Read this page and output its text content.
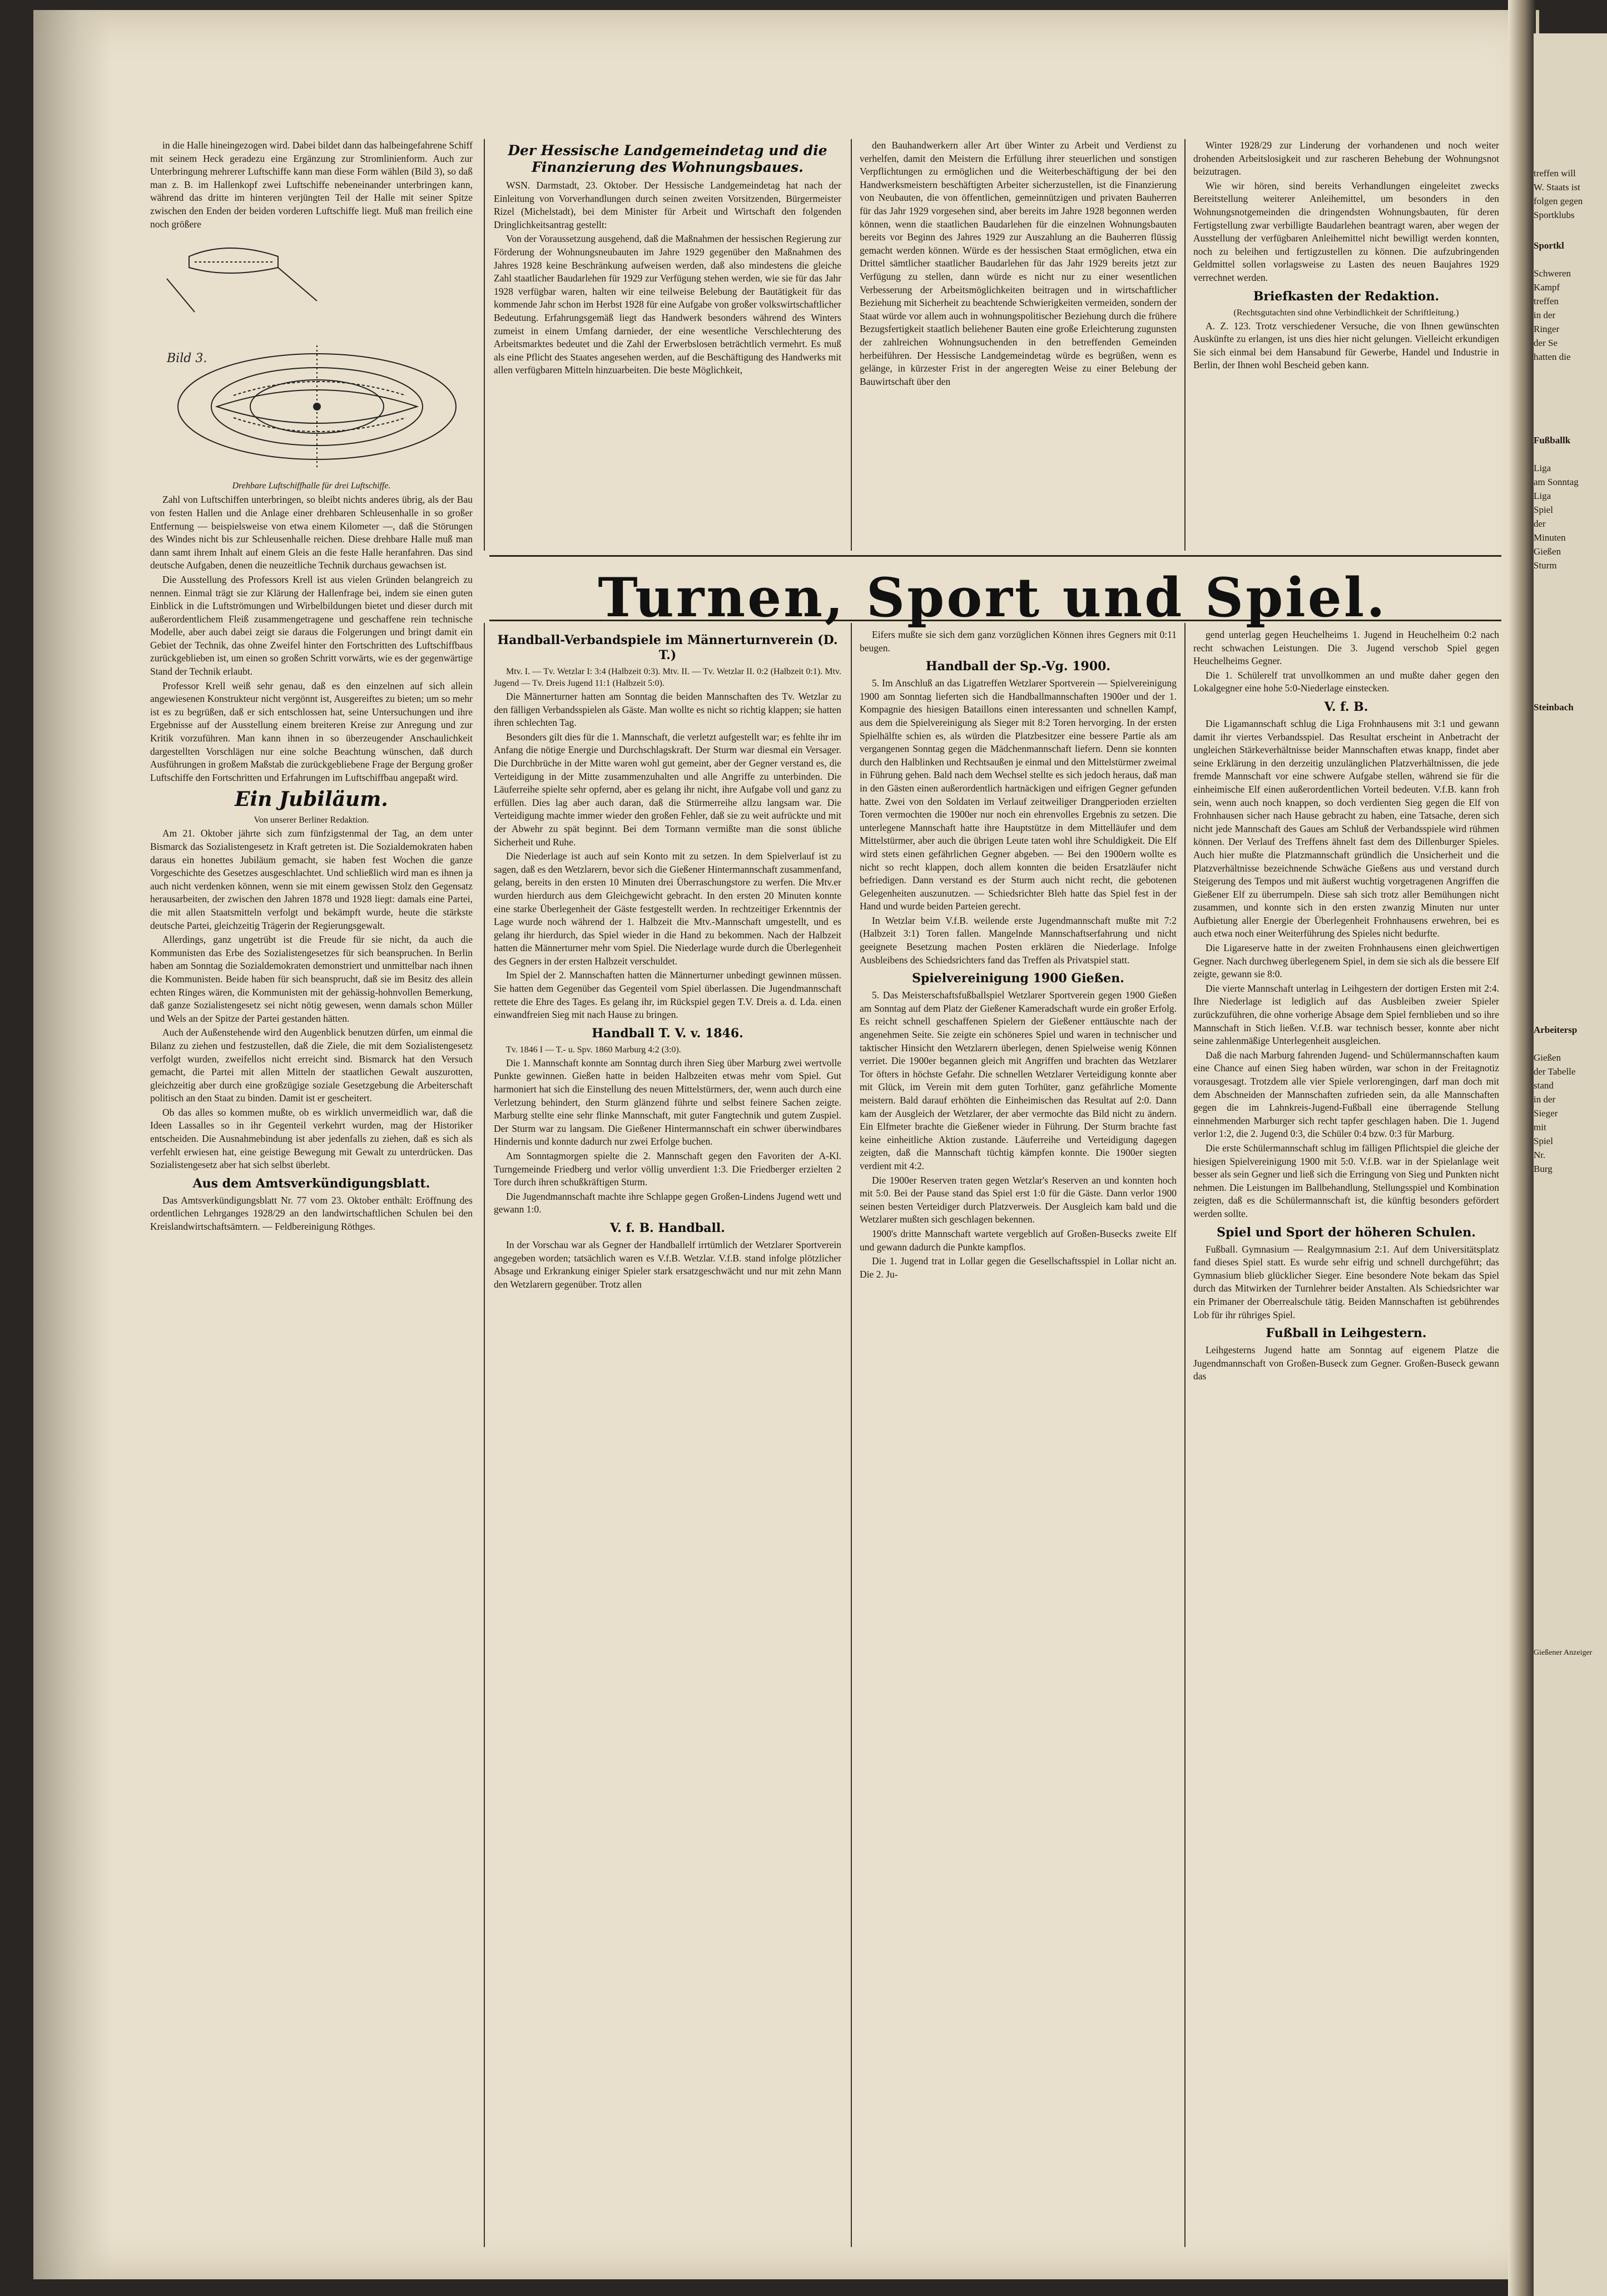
Turnen, Sport und Spiel.

in die Halle hineingezogen wird. Dabei bildet dann das halbeingefahrene Schiff mit seinem Heck geradezu eine Ergänzung zur Stromlinienform. Auch zur Unterbringung mehrerer Luftschiffe kann man diese Form wählen (Bild 3), so daß man z. B. im Hallenkopf zwei Luftschiffe nebeneinander unterbringen kann, während das dritte im hinteren verjüngten Teil der Halle mit seiner Spitze zwischen den Enden der beiden vorderen Luftschiffe liegt. Muß man freilich eine noch größere

Bild 3.

Drehbare Luftschiffhalle für drei Luftschiffe.

Zahl von Luftschiffen unterbringen, so bleibt nichts anderes übrig, als der Bau von festen Hallen und die Anlage einer drehbaren Schleusenhalle in so großer Entfernung — beispielsweise von etwa einem Kilometer —, daß die Störungen des Windes nicht bis zur Schleusenhalle reichen. Diese drehbare Halle muß man dann samt ihrem Inhalt auf einem Gleis an die feste Halle heranfahren. Das sind deutsche Aufgaben, denen die neuzeitliche Technik durchaus gewachsen ist.

Die Ausstellung des Professors Krell ist aus vielen Gründen belangreich zu nennen. Einmal trägt sie zur Klärung der Hallenfrage bei, indem sie einen guten Einblick in die Luftströmungen und Wirbelbildungen bietet und dieser durch mit außerordentlichem Fleiß zusammengetragene und geschaffene rein technische Modelle, aber auch dabei zeigt sie daraus die Folgerungen und bringt damit ein Gebiet der Technik, das ohne Zweifel hinter den Fortschritten des Luftschiffbaus zurückgeblieben ist, um einen so großen Schritt vorwärts, wie es der gegenwärtige Stand der Technik erlaubt.

Professor Krell weiß sehr genau, daß es den einzelnen auf sich allein angewiesenen Konstrukteur nicht vergönnt ist, Ausgereiftes zu bieten; um so mehr ist es zu begrüßen, daß er sich entschlossen hat, seine Untersuchungen und ihre Ergebnisse auf der Ausstellung einem breiteren Kreise zur Anregung und zur Kritik vorzuführen. Man kann ihnen in so überzeugender Anschaulichkeit dargestellten Vorschlägen nur eine solche Beachtung wünschen, daß durch Ausführungen in großem Maßstab die zurückgebliebene Frage der Bergung großer Luftschiffe den Fortschritten und Erfahrungen im Luftschiffbau angepaßt wird.

Ein Jubiläum.

Von unserer Berliner Redaktion.

Am 21. Oktober jährte sich zum fünfzigstenmal der Tag, an dem unter Bismarck das Sozialistengesetz in Kraft getreten ist. Die Sozialdemokraten haben daraus ein honettes Jubiläum gemacht, sie haben fest Wochen die ganze Vorgeschichte des Gesetzes ausgeschlachtet. Und schließlich wird man es ihnen ja auch nicht verdenken können, wenn sie mit einem gewissen Stolz den Gegensatz herausarbeiten, der zwischen den Jahren 1878 und 1928 liegt: damals eine Partei, die mit allen Staatsmitteln verfolgt und bekämpft wurde, heute die stärkste deutsche Partei, gleichzeitig Trägerin der Regierungsgewalt.

Allerdings, ganz ungetrübt ist die Freude für sie nicht, da auch die Kommunisten das Erbe des Sozialistengesetzes für sich beanspruchen. In Berlin haben am Sonntag die Sozialdemokraten demonstriert und unmittelbar nach ihnen die Kommunisten. Beide haben für sich beansprucht, daß sie im Besitz des allein echten Ringes wären, die Kommunisten mit der gehässig-hohnvollen Bemerkung, daß ganze Sozialistengesetz sei nicht nötig gewesen, wenn damals schon Müller und Wels an der Spitze der Partei gestanden hätten.

Auch der Außenstehende wird den Augenblick benutzen dürfen, um einmal die Bilanz zu ziehen und festzustellen, daß die Ziele, die mit dem Sozialistengesetz verfolgt wurden, zweifellos nicht erreicht sind. Bismarck hat den Versuch gemacht, die Partei mit allen Mitteln der staatlichen Gewalt auszurotten, gleichzeitig aber durch eine großzügige soziale Gesetzgebung die Arbeiterschaft politisch an den Staat zu binden. Damit ist er gescheitert.

Ob das alles so kommen mußte, ob es wirklich unvermeidlich war, daß die Ideen Lassalles so in ihr Gegenteil verkehrt wurden, mag der Historiker entscheiden. Die Ausnahmebindung ist aber jedenfalls zu ziehen, daß es sich als verfehlt erwiesen hat, eine geistige Bewegung mit Gewalt zu unterdrücken. Das Sozialistengesetz aber hat sich selbst überlebt.

Aus dem Amtsverkündigungsblatt.

Das Amtsverkündigungsblatt Nr. 77 vom 23. Oktober enthält: Eröffnung des ordentlichen Lehrganges 1928/29 an den landwirtschaftlichen Schulen bei den Kreislandwirtschaftsämtern. — Feldbereinigung Röthges.

Der Hessische Landgemeindetag und die Finanzierung des Wohnungsbaues.

WSN. Darmstadt, 23. Oktober. Der Hessische Landgemeindetag hat nach der Einleitung von Vorverhandlungen durch seinen zweiten Vorsitzenden, Bürgermeister Rizel (Michelstadt), bei dem Minister für Arbeit und Wirtschaft den folgenden Dringlichkeitsantrag gestellt:

Von der Voraussetzung ausgehend, daß die Maßnahmen der hessischen Regierung zur Förderung der Wohnungsneubauten im Jahre 1929 gegenüber den Maßnahmen des Jahres 1928 keine Beschränkung aufweisen werden, daß also mindestens die gleiche Zahl staatlicher Baudarlehen für 1929 zur Verfügung stehen werden, wie sie für das Jahr 1928 verfügbar waren, halten wir eine teilweise Belebung der Bautätigkeit für das kommende Jahr schon im Herbst 1928 für eine Aufgabe von großer volkswirtschaftlicher Bedeutung. Erfahrungsgemäß liegt das Handwerk besonders während des Winters zumeist in einem Umfang darnieder, der eine wesentliche Verschlechterung des Arbeitsmarktes bedeutet und die Zahl der Erwerbslosen beträchtlich vermehrt. Es muß als eine Pflicht des Staates angesehen werden, auf die Beschäftigung des Handwerks mit allen verfügbaren Mitteln hinzuarbeiten. Die beste Möglichkeit,

Handball-Verbandspiele im Männerturnverein (D. T.)

Mtv. I. — Tv. Wetzlar I: 3:4 (Halbzeit 0:3). Mtv. II. — Tv. Wetzlar II. 0:2 (Halbzeit 0:1). Mtv. Jugend — Tv. Dreis Jugend 11:1 (Halbzeit 5:0).

Die Männerturner hatten am Sonntag die beiden Mannschaften des Tv. Wetzlar zu den fälligen Verbandsspielen als Gäste. Man wollte es nicht so richtig klappen; sie hatten ihren schlechten Tag.

Besonders gilt dies für die 1. Mannschaft, die verletzt aufgestellt war; es fehlte ihr im Anfang die nötige Energie und Durchschlagskraft. Der Sturm war diesmal ein Versager. Die Durchbrüche in der Mitte waren wohl gut gemeint, aber der Gegner verstand es, die Verteidigung in der Mitte zusammenzuhalten und alle Angriffe zu unterbinden. Die Läuferreihe spielte sehr opfernd, aber es gelang ihr nicht, ihre Aufgabe voll und ganz zu erfüllen. Dies lag aber auch daran, daß die Stürmerreihe allzu langsam war. Die Verteidigung machte immer wieder den großen Fehler, daß sie zu weit aufrückte und mit der Abwehr zu spät beginnt. Bei dem Tormann vermißte man die sonst übliche Sicherheit und Ruhe.

Die Niederlage ist auch auf sein Konto mit zu setzen. In dem Spielverlauf ist zu sagen, daß es den Wetzlarern, bevor sich die Gießener Hintermannschaft zusammenfand, gelang, bereits in den ersten 10 Minuten drei Überraschungstore zu werfen. Die Mtv.er wurden hierdurch aus dem Gleichgewicht gebracht. In den ersten 20 Minuten konnte eine starke Überlegenheit der Gäste festgestellt werden. In rechtzeitiger Erkenntnis der Lage wurde noch während der 1. Halbzeit die Mtv.-Mannschaft umgestellt, und es gelang ihr hierdurch, das Spiel wieder in die Hand zu bekommen. Nach der Halbzeit hatten die Männerturner mehr vom Spiel. Die Niederlage wurde durch die Überlegenheit des Gegners in der ersten Halbzeit verschuldet.

Im Spiel der 2. Mannschaften hatten die Männerturner unbedingt gewinnen müssen. Sie hatten dem Gegenüber das Gegenteil vom Spiel überlassen. Die Jugendmannschaft rettete die Ehre des Tages. Es gelang ihr, im Rückspiel gegen T.V. Dreis a. d. Lda. einen einwandfreien Sieg mit nach Hause zu bringen.

Handball T. V. v. 1846.

Tv. 1846 I — T.- u. Spv. 1860 Marburg 4:2 (3:0).

Die 1. Mannschaft konnte am Sonntag durch ihren Sieg über Marburg zwei wertvolle Punkte gewinnen. Gießen hatte in beiden Halbzeiten etwas mehr vom Spiel. Gut harmoniert hat sich die Einstellung des neuen Mittelstürmers, der, wenn auch durch eine Verletzung behindert, den Sturm glänzend führte und selbst feinere Sachen zeigte. Marburg stellte eine sehr flinke Mannschaft, mit guter Fangtechnik und gutem Zuspiel. Der Sturm war zu langsam. Die Gießener Hintermannschaft ein schwer überwindbares Hindernis und konnte dadurch nur zwei Erfolge buchen.

Am Sonntagmorgen spielte die 2. Mannschaft gegen den Favoriten der A-Kl. Turngemeinde Friedberg und verlor völlig unverdient 1:3. Die Friedberger erzielten 2 Tore durch ihren schußkräftigen Sturm.

Die Jugendmannschaft machte ihre Schlappe gegen Großen-Lindens Jugend wett und gewann 1:0.

V. f. B. Handball.

In der Vorschau war als Gegner der Handballelf irrtümlich der Wetzlarer Sportverein angegeben worden; tatsächlich waren es V.f.B. Wetzlar. V.f.B. stand infolge plötzlicher Absage und Erkrankung einiger Spieler stark ersatzgeschwächt und nur mit zehn Mann den Wetzlarern gegenüber. Trotz allen

den Bauhandwerkern aller Art über Winter zu Arbeit und Verdienst zu verhelfen, damit den Meistern die Erfüllung ihrer steuerlichen und sonstigen Verpflichtungen zu ermöglichen und die Weiterbeschäftigung der bei den Handwerksmeistern beschäftigten Arbeiter sicherzustellen, ist die Finanzierung von Neubauten, die von öffentlichen, gemeinnützigen und privaten Bauherren für das Jahr 1929 vorgesehen sind, aber bereits im Jahre 1928 begonnen werden können, wenn die staatlichen Baudarlehen für die einzelnen Wohnungsbauten bereits vor Beginn des Jahres 1929 zur Auszahlung an die Bauherren flüssig gemacht werden können. Würde es der hessischen Staat ermöglichen, etwa ein Drittel sämtlicher staatlicher Baudarlehen für das Jahr 1929 bereits jetzt zur Verfügung zu stellen, dann würde es nicht nur zu einer wesentlichen Verbesserung der Arbeitsmöglichkeiten beitragen und in wirtschaftlicher Beziehung mit Sicherheit zu beachtende Schwierigkeiten vermeiden, sondern der Staat würde vor allem auch in wohnungspolitischer Beziehung durch die frühere Bezugsfertigkeit staatlich beliehener Bauten eine große Erleichterung zugunsten der zahlreichen Wohnungsuchenden in den betreffenden Gemeinden herbeiführen. Der Hessische Landgemeindetag würde es begrüßen, wenn es gelänge, in kürzester Frist in der angeregten Weise zu einer Belebung der Bauwirtschaft über den

Eifers mußte sie sich dem ganz vorzüglichen Können ihres Gegners mit 0:11 beugen.

Handball der Sp.-Vg. 1900.

5. Im Anschluß an das Ligatreffen Wetzlarer Sportverein — Spielvereinigung 1900 am Sonntag lieferten sich die Handballmannschaften 1900er und der 1. Kompagnie des hiesigen Bataillons einen interessanten und schnellen Kampf, aus dem die Spielvereinigung als Sieger mit 8:2 Toren hervorging. In der ersten Spielhälfte schien es, als würden die Platzbesitzer eine bessere Partie als am vergangenen Sonntag gegen die Mädchenmannschaft liefern. Denn sie konnten durch den Halblinken und Rechtsaußen je einmal und den Mittelstürmer zweimal in Führung gehen. Bald nach dem Wechsel stellte es sich jedoch heraus, daß man in den Gästen einen außerordentlich hartnäckigen und eifrigen Gegner gefunden hatte. Zwei von den Soldaten im Verlauf zeitweiliger Drangperioden erzielten Toren vermochten die 1900er nur noch ein ehrenvolles Ergebnis zu setzen. Die unterlegene Mannschaft hatte ihre Hauptstütze in dem Mittelläufer und dem Mittelstürmer, aber auch die übrigen Leute taten wohl ihre Schuldigkeit. Die Elf wird stets einen gefährlichen Gegner abgeben. — Bei den 1900ern wollte es nicht so recht klappen, doch allem konnten die beiden Ersatzläufer nicht befriedigen. Dann verstand es der Sturm auch nicht recht, die gebotenen Gelegenheiten auszunutzen. — Schiedsrichter Bleh hatte das Spiel fest in der Hand und wurde beiden Parteien gerecht.

In Wetzlar beim V.f.B. weilende erste Jugendmannschaft mußte mit 7:2 (Halbzeit 3:1) Toren fallen. Mangelnde Mannschaftserfahrung und nicht geeignete Besetzung machen Posten erklären die Niederlage. Infolge Ausbleibens des Schiedsrichters fand das Treffen als Privatspiel statt.

Spielvereinigung 1900 Gießen.

5. Das Meisterschaftsfußballspiel Wetzlarer Sportverein gegen 1900 Gießen am Sonntag auf dem Platz der Gießener Kameradschaft wurde ein großer Erfolg. Es reicht schnell geschaffenen Spielern der Gießener enttäuschte nach der angenehmen Seite. Sie zeigte ein schöneres Spiel und waren in technischer und taktischer Hinsicht den Wetzlarern überlegen, denen Spielweise wenig Können verriet. Die 1900er begannen gleich mit Angriffen und brachten das Wetzlarer Tor öfters in höchste Gefahr. Die schnellen Wetzlarer Verteidigung konnte aber mit Glück, im Verein mit dem guten Torhüter, ganz gefährliche Momente meistern. Bald darauf erhöhten die Einheimischen das Resultat auf 2:0. Dann kam der Ausgleich der Wetzlarer, der aber vermochte das Bild nicht zu ändern. Ein Elfmeter brachte die Gießener wieder in Führung. Der Sturm brachte fast keine einheitliche Aktion zustande. Läuferreihe und Verteidigung dagegen zeigten, daß die Mannschaft tüchtig kämpfen konnte. Die 1900er siegten verdient mit 4:2.

Die 1900er Reserven traten gegen Wetzlar's Reserven an und konnten hoch mit 5:0. Bei der Pause stand das Spiel erst 1:0 für die Gäste. Dann verlor 1900 seinen besten Verteidiger durch Platzverweis. Der Ausgleich kam bald und die Wetzlarer mußten sich geschlagen bekennen.

1900's dritte Mannschaft wartete vergeblich auf Großen-Busecks zweite Elf und gewann dadurch die Punkte kampflos.

Die 1. Jugend trat in Lollar gegen die Gesellschaftsspiel in Lollar nicht an. Die 2. Ju-

Winter 1928/29 zur Linderung der vorhandenen und noch weiter drohenden Arbeitslosigkeit und zur rascheren Behebung der Wohnungsnot beizutragen.

Wie wir hören, sind bereits Verhandlungen eingeleitet zwecks Bereitstellung weiterer Anleihemittel, um besonders in den Wohnungsnotgemeinden die dringendsten Wohnungsbauten, für deren Fertigstellung zwar verbilligte Baudarlehen beantragt waren, aber wegen der Ausstellung der verfügbaren Anleihemittel nicht bewilligt werden konnten, noch zu beleihen und fertigzustellen zu können. Die aufzubringenden Geldmittel sollen vorlagsweise zu Lasten des neuen Baujahres 1929 verrechnet werden.

Briefkasten der Redaktion.

(Rechtsgutachten sind ohne Verbindlichkeit der Schriftleitung.)

A. Z. 123. Trotz verschiedener Versuche, die von Ihnen gewünschten Auskünfte zu erlangen, ist uns dies hier nicht gelungen. Vielleicht erkundigen Sie sich einmal bei dem Hansabund für Gewerbe, Handel und Industrie in Berlin, der Ihnen wohl Bescheid geben kann.

gend unterlag gegen Heuchelheims 1. Jugend in Heuchelheim 0:2 nach recht schwachen Leistungen. Die 3. Jugend verschob Spiel gegen Heuchelheims Gegner.

Die 1. Schülerelf trat unvollkommen an und mußte daher gegen den Lokalgegner eine hohe 5:0-Niederlage einstecken.

V. f. B.

Die Ligamannschaft schlug die Liga Frohnhausens mit 3:1 und gewann damit ihr viertes Verbandsspiel. Das Resultat erscheint in Anbetracht der ungleichen Stärkeverhältnisse beider Mannschaften etwas knapp, findet aber seine Erklärung in den derzeitig unzulänglichen Platzverhältnissen, die jede fremde Mannschaft vor eine schwere Aufgabe stellen, während sie für die einheimische Elf einen außerordentlichen Vorteil bedeuten. V.f.B. kann froh sein, wenn auch noch knappen, so doch verdienten Sieg gegen die Elf von Frohnhausen sicher nach Hause gebracht zu haben, eine Tatsache, deren sich nicht jede Mannschaft des Gaues am Schluß der Verbandsspiele wird rühmen können. Der Verlauf des Treffens ähnelt fast dem des Dillenburger Spieles. Auch hier mußte die Platzmannschaft gründlich die Unsicherheit und die Platzverhältnisse bezeichnende Schwäche Gießens aus und verstand durch Steigerung des Tempos und mit äußerst wuchtig vorgetragenen Angriffen die Gießener Elf zu überrumpeln. Diese sah sich trotz aller Bemühungen nicht zusammen, und konnte sich in den ersten zwanzig Minuten nur unter Aufbietung aller Energie der Überlegenheit Frohnhausens erwehren, bei es auch etwa noch einer Weiterführung des Spieles nicht bedurfte.

Die Ligareserve hatte in der zweiten Frohnhausens einen gleichwertigen Gegner. Nach durchweg überlegenem Spiel, in dem sie sich als die bessere Elf zeigte, gewann sie 8:0.

Die vierte Mannschaft unterlag in Leihgestern der dortigen Ersten mit 2:4. Ihre Niederlage ist lediglich auf das Ausbleiben zweier Spieler zurückzuführen, die ohne vorherige Absage dem Spiel fernblieben und so ihre Mannschaft in Stich ließen. V.f.B. war technisch besser, konnte aber nicht seine zahlenmäßige Unterlegenheit ausgleichen.

Daß die nach Marburg fahrenden Jugend- und Schülermannschaften kaum eine Chance auf einen Sieg haben würden, war schon in der Freitagnotiz vorausgesagt. Trotzdem alle vier Spiele verlorengingen, darf man doch mit dem Abschneiden der Mannschaften zufrieden sein, da alle Mannschaften gegen die im Lahnkreis-Jugend-Fußball eine überragende Stellung einnehmenden Marburger sich recht tapfer geschlagen haben. Die 1. Jugend verlor 1:2, die 2. Jugend 0:3, die Schüler 0:4 bzw. 0:3 für Marburg.

Die erste Schülermannschaft schlug im fälligen Pflichtspiel die gleiche der hiesigen Spielvereinigung 1900 mit 5:0. V.f.B. war in der Spielanlage weit besser als sein Gegner und ließ sich die Erringung von Sieg und Punkten nicht nehmen. Die Leistungen im Ballbehandlung, Stellungsspiel und Kombination zeigten, daß es die Schülermannschaft ist, die künftig besonders gefördert werden sollte.

Spiel und Sport der höheren Schulen.

Fußball. Gymnasium — Realgymnasium 2:1. Auf dem Universitätsplatz fand dieses Spiel statt. Es wurde sehr eifrig und schnell durchgeführt; das Gymnasium blieb glücklicher Sieger. Eine besondere Note bekam das Spiel durch das Mitwirken der Turnlehrer beider Anstalten. Als Schiedsrichter war ein Primaner der Oberrealschule tätig. Beiden Mannschaften ist gebührendes Lob für ihr rühriges Spiel.

Fußball in Leihgestern.

Leihgesterns Jugend hatte am Sonntag auf eigenem Platze die Jugendmannschaft von Großen-Buseck zum Gegner. Großen-Buseck gewann das

treffen will
W. Staats ist
folgen gegen
Sportklubs
Sportkl
Schweren
Kampf
treffen
in der
Ringer
der Se
hatten die
Fußballk
Liga
am Sonntag
Liga
Spiel
der
Minuten
Gießen
Sturm
Steinbach
Arbeitersp
Gießen
der Tabelle
stand
in der
Sieger
mit
Spiel
Nr.
Burg
Gießener Anzeiger
